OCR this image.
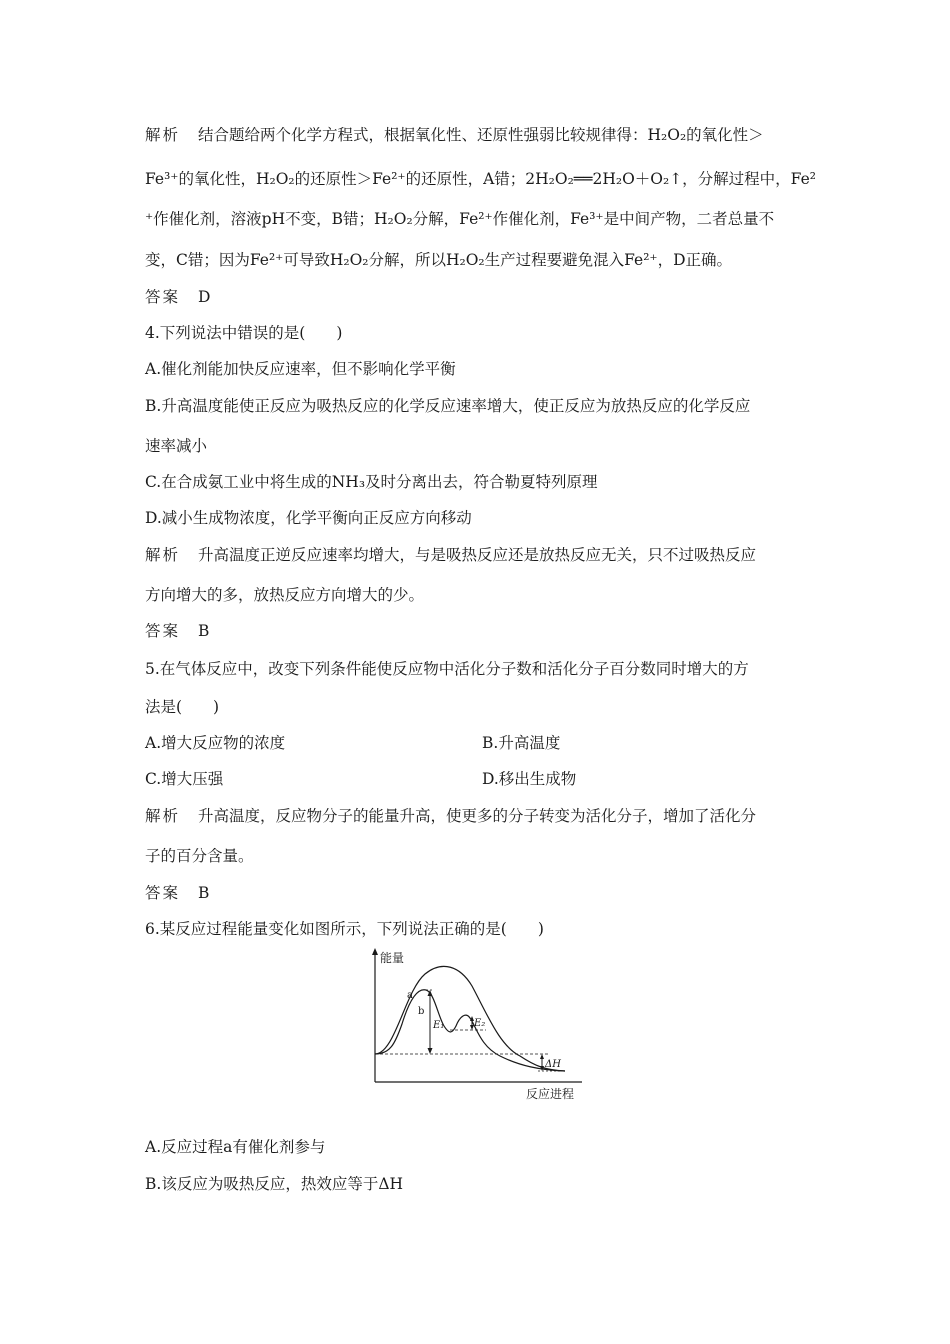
解析 结合题给两个化学方程式，根据氧化性、还原性强弱比较规律得：H₂O₂的氧化性＞
Fe³⁺的氧化性，H₂O₂的还原性＞Fe²⁺的还原性，A错；2H₂O₂══2H₂O＋O₂↑，分解过程中，Fe²
⁺作催化剂，溶液pH不变，B错；H₂O₂分解，Fe²⁺作催化剂，Fe³⁺是中间产物，二者总量不
变，C错；因为Fe²⁺可导致H₂O₂分解，所以H₂O₂生产过程要避免混入Fe²⁺，D正确。
答案 D
4.下列说法中错误的是(　　)
A.催化剂能加快反应速率，但不影响化学平衡
B.升高温度能使正反应为吸热反应的化学反应速率增大，使正反应为放热反应的化学反应
速率减小
C.在合成氨工业中将生成的NH₃及时分离出去，符合勒夏特列原理
D.减小生成物浓度，化学平衡向正反应方向移动
解析 升高温度正逆反应速率均增大，与是吸热反应还是放热反应无关，只不过吸热反应
方向增大的多，放热反应方向增大的少。
答案 B
5.在气体反应中，改变下列条件能使反应物中活化分子数和活化分子百分数同时增大的方
法是(　　)
A.增大反应物的浓度	B.升高温度
C.增大压强	D.移出生成物
解析 升高温度，反应物分子的能量升高，使更多的分子转变为活化分子，增加了活化分
子的百分含量。
答案 B
6.某反应过程能量变化如图所示，下列说法正确的是(　　)
能量
反应进程
a
b
E₁	E₂
ΔH
A.反应过程a有催化剂参与
B.该反应为吸热反应，热效应等于ΔH
